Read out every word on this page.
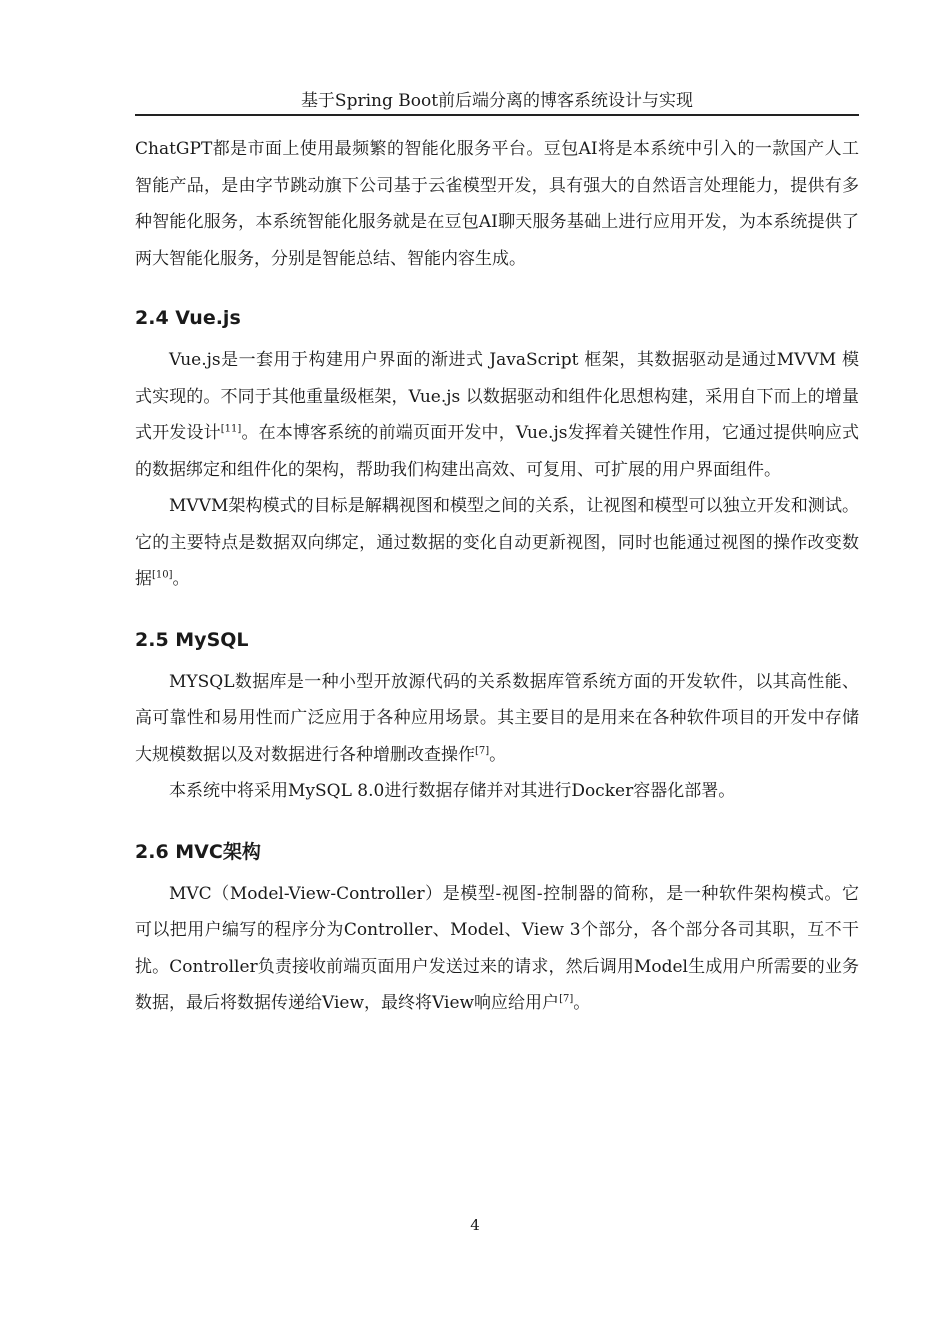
基于Spring Boot前后端分离的博客系统设计与实现

ChatGPT都是市面上使用最频繁的智能化服务平台。豆包AI将是本系统中引入的一款国产人工智能产品，是由字节跳动旗下公司基于云雀模型开发，具有强大的自然语言处理能力，提供有多种智能化服务，本系统智能化服务就是在豆包AI聊天服务基础上进行应用开发，为本系统提供了两大智能化服务，分别是智能总结、智能内容生成。

2.4 Vue.js

Vue.js是一套用于构建用户界面的渐进式 JavaScript 框架，其数据驱动是通过MVVM 模式实现的。不同于其他重量级框架，Vue.js 以数据驱动和组件化思想构建，采用自下而上的增量式开发设计[11]。在本博客系统的前端页面开发中，Vue.js发挥着关键性作用，它通过提供响应式的数据绑定和组件化的架构，帮助我们构建出高效、可复用、可扩展的用户界面组件。

MVVM架构模式的目标是解耦视图和模型之间的关系，让视图和模型可以独立开发和测试。它的主要特点是数据双向绑定，通过数据的变化自动更新视图，同时也能通过视图的操作改变数据[10]。

2.5 MySQL

MYSQL数据库是一种小型开放源代码的关系数据库管系统方面的开发软件，以其高性能、高可靠性和易用性而广泛应用于各种应用场景。其主要目的是用来在各种软件项目的开发中存储大规模数据以及对数据进行各种增删改查操作[7]。

本系统中将采用MySQL 8.0进行数据存储并对其进行Docker容器化部署。

2.6 MVC架构

MVC（Model-View-Controller）是模型-视图-控制器的简称，是一种软件架构模式。它可以把用户编写的程序分为Controller、Model、View 3个部分，各个部分各司其职，互不干扰。Controller负责接收前端页面用户发送过来的请求，然后调用Model生成用户所需要的业务数据，最后将数据传递给View，最终将View响应给用户[7]。

4
